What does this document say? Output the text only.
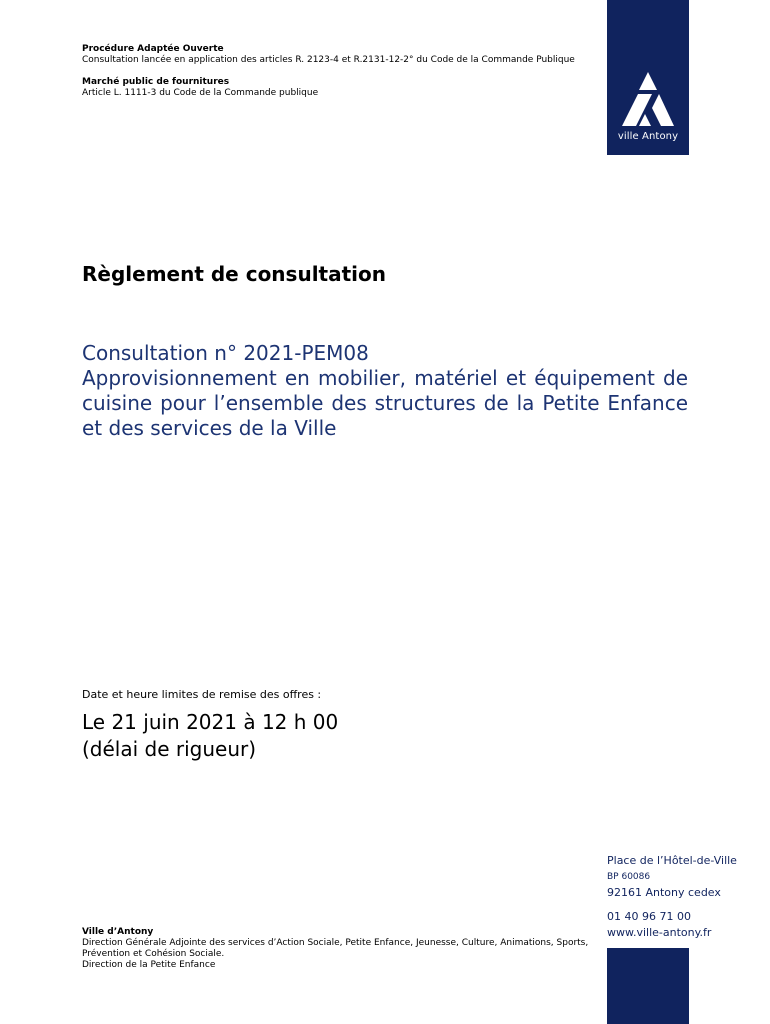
ville Antony

Procédure Adaptée Ouverte

Consultation lancée en application des articles R. 2123-4 et R.2131-12-2° du Code de la Commande Publique

Marché public de fournitures

Article L. 1111-3 du Code de la Commande publique

Règlement de consultation

Consultation n° 2021-PEM08

Approvisionnement en mobilier, matériel et équipement de cuisine pour l’ensemble des structures de la Petite Enfance et des services de la Ville

Date et heure limites de remise des offres :

Le 21 juin 2021 à 12 h 00

(délai de rigueur)

Place de l’Hôtel-de-Ville

BP 60086

92161 Antony cedex

01 40 96 71 00

www.ville-antony.fr

Ville d’Antony

Direction Générale Adjointe des services d’Action Sociale, Petite Enfance, Jeunesse, Culture, Animations, Sports, Prévention et Cohésion Sociale.

Direction de la Petite Enfance
